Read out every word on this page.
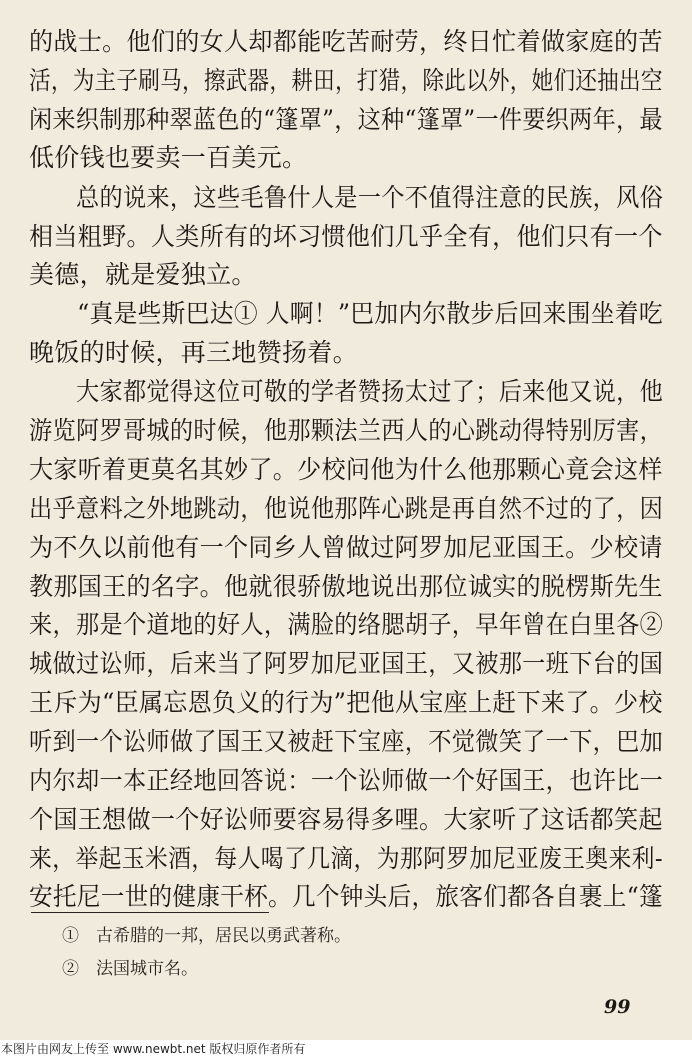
的战士。他们的女人却都能吃苦耐劳，终日忙着做家庭的苦
活，为主子刷马，擦武器，耕田，打猎，除此以外，她们还抽出空
闲来织制那种翠蓝色的“篷罩”，这种“篷罩”一件要织两年，最
低价钱也要卖一百美元。
　　总的说来，这些毛鲁什人是一个不值得注意的民族，风俗
相当粗野。人类所有的坏习惯他们几乎全有，他们只有一个
美德，就是爱独立。
　　“真是些斯巴达① 人啊！”巴加内尔散步后回来围坐着吃
晚饭的时候，再三地赞扬着。
　　大家都觉得这位可敬的学者赞扬太过了；后来他又说，他
游览阿罗哥城的时候，他那颗法兰西人的心跳动得特别厉害，
大家听着更莫名其妙了。少校问他为什么他那颗心竟会这样
出乎意料之外地跳动，他说他那阵心跳是再自然不过的了，因
为不久以前他有一个同乡人曾做过阿罗加尼亚国王。少校请
教那国王的名字。他就很骄傲地说出那位诚实的脱楞斯先生
来，那是个道地的好人，满脸的络腮胡子，早年曾在白里各②
城做过讼师，后来当了阿罗加尼亚国王，又被那一班下台的国
王斥为“臣属忘恩负义的行为”把他从宝座上赶下来了。少校
听到一个讼师做了国王又被赶下宝座，不觉微笑了一下，巴加
内尔却一本正经地回答说：一个讼师做一个好国王，也许比一
个国王想做一个好讼师要容易得多哩。大家听了这话都笑起
来，举起玉米酒，每人喝了几滴，为那阿罗加尼亚废王奥来利-
安托尼一世的健康干杯。几个钟头后，旅客们都各自裹上“篷
①　古希腊的一邦，居民以勇武著称。
②　法国城市名。
99
本图片由网友上传至 www.newbt.net 版权归原作者所有
